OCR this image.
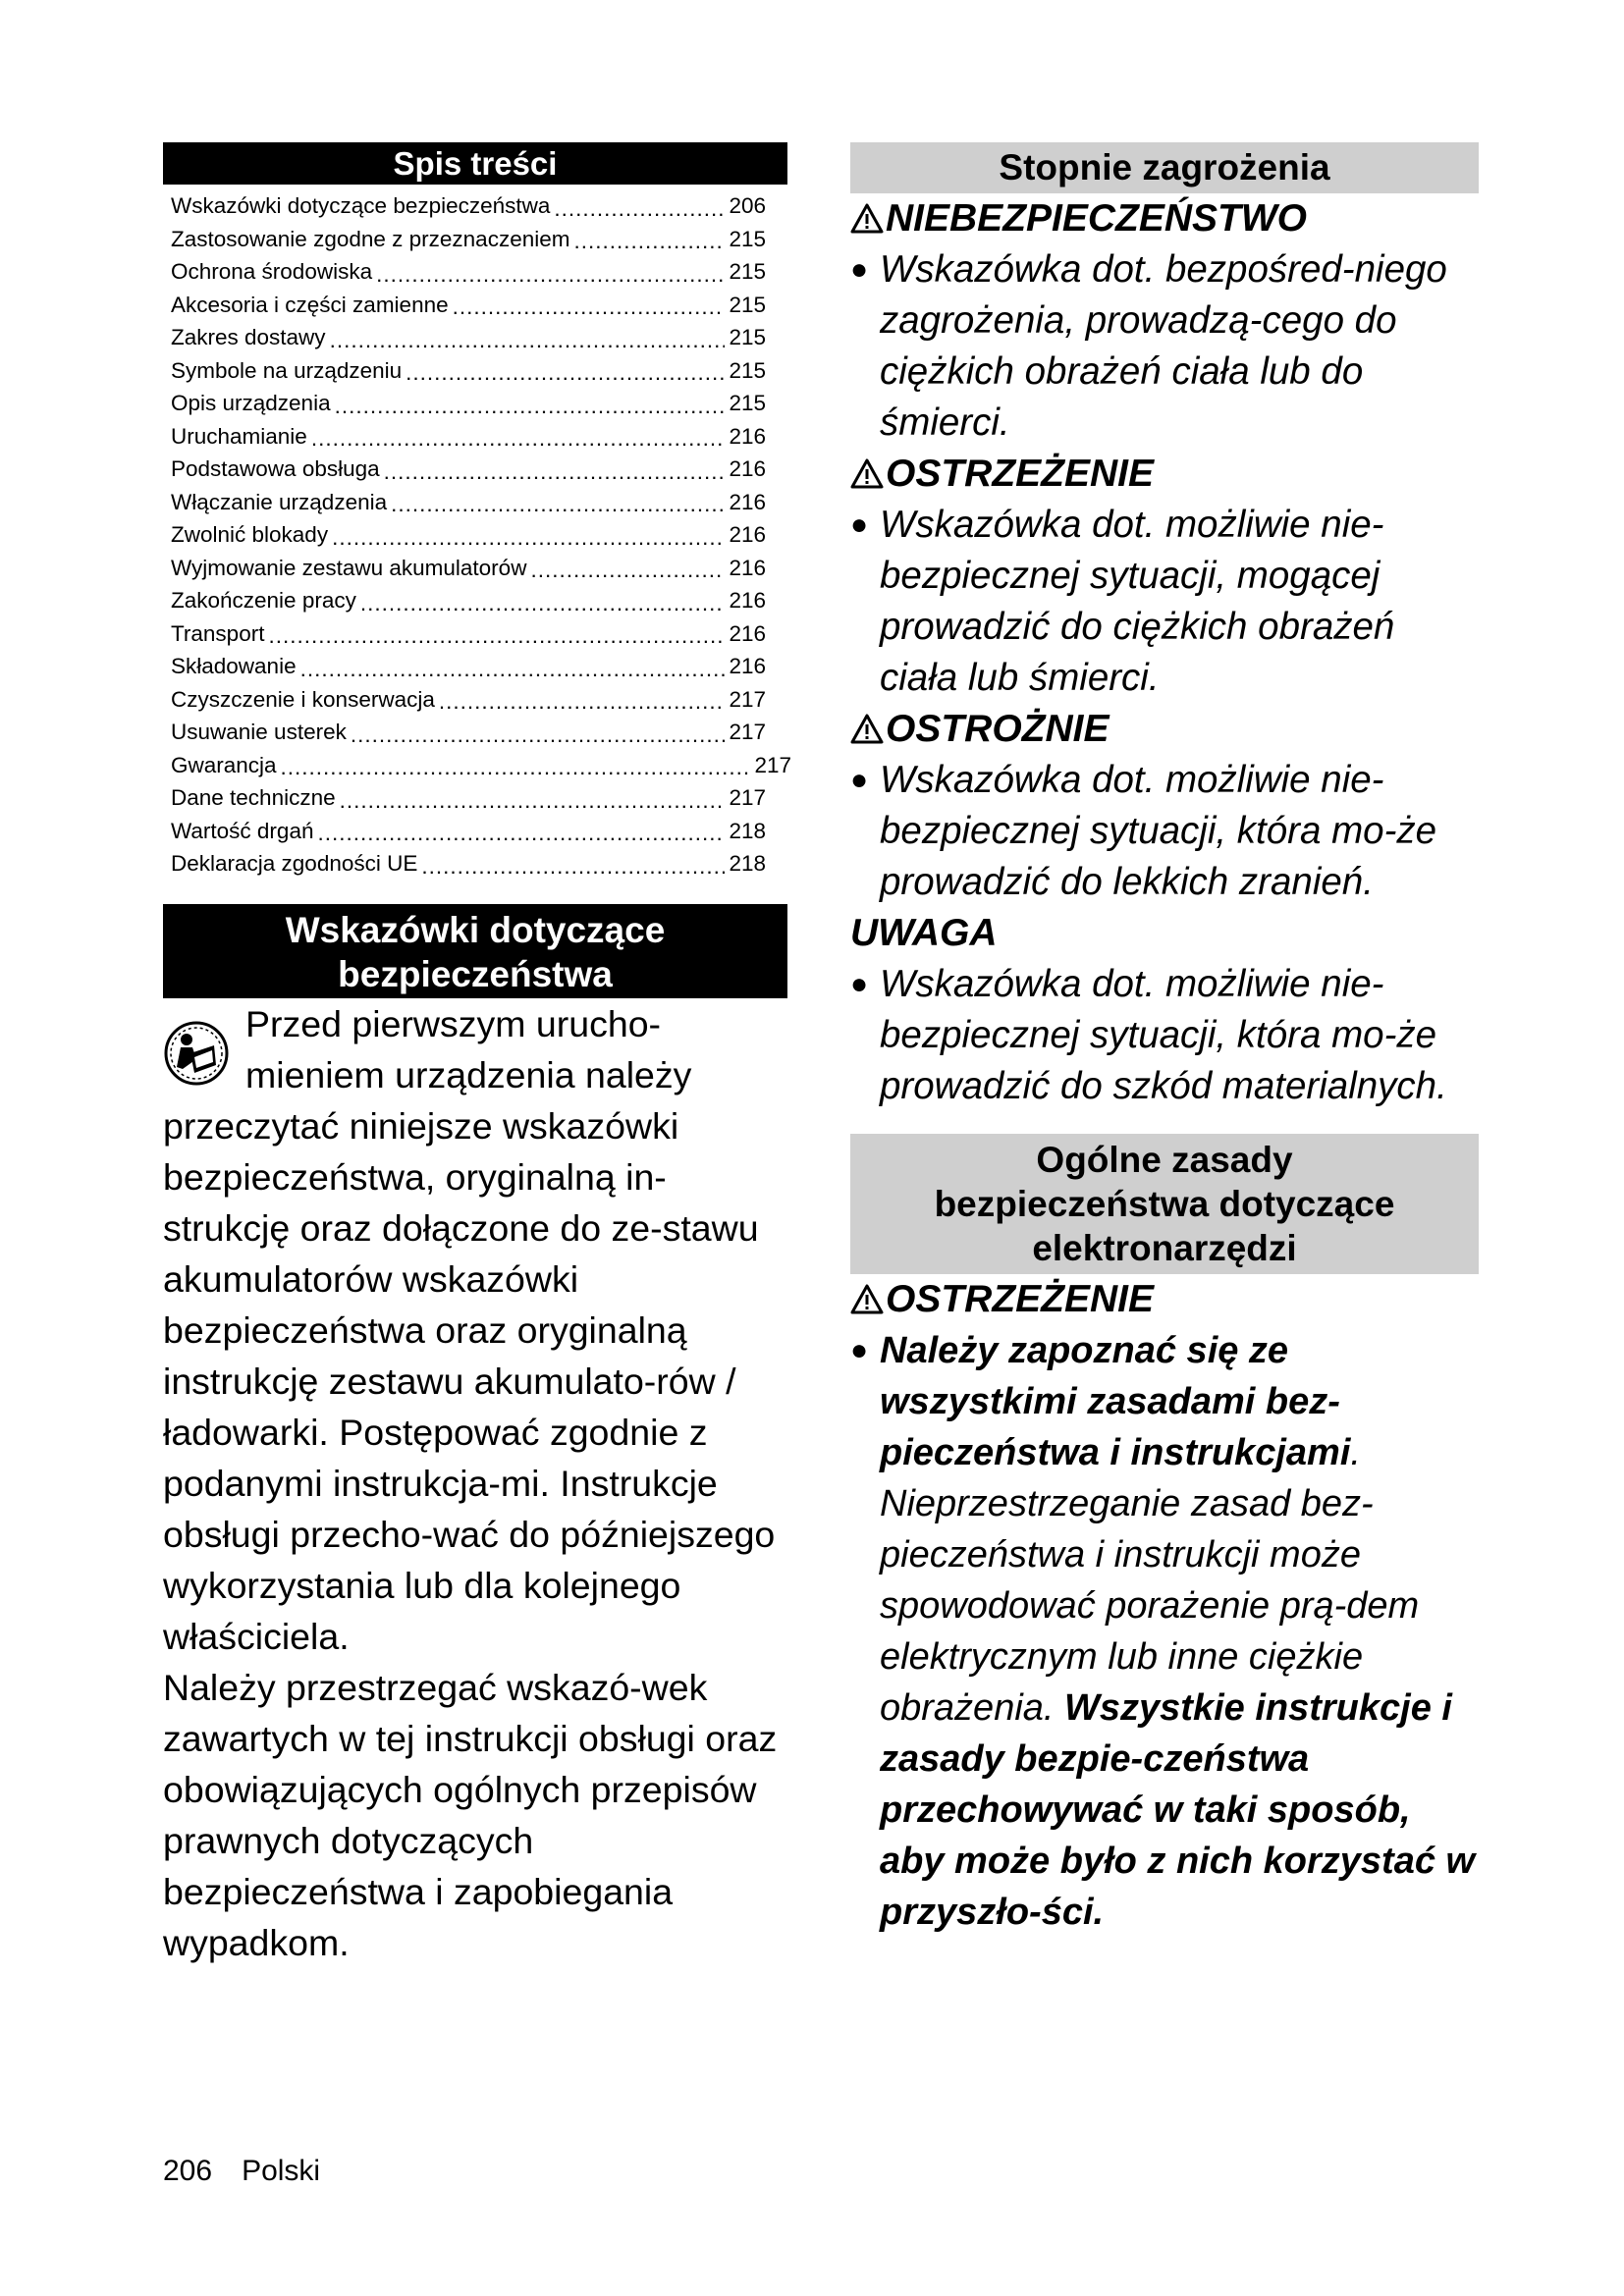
Spis treści
Wskazówki dotyczące bezpieczeństwa .....	206
Zastosowanie zgodne z przeznaczeniem .....	215
Ochrona środowiska .....	215
Akcesoria i części zamienne .....	215
Zakres dostawy .....	215
Symbole na urządzeniu .....	215
Opis urządzenia .....	215
Uruchamianie .....	216
Podstawowa obsługa .....	216
Włączanie urządzenia .....	216
Zwolnić blokady .....	216
Wyjmowanie zestawu akumulatorów .....	216
Zakończenie pracy .....	216
Transport .....	216
Składowanie .....	216
Czyszczenie i konserwacja .....	217
Usuwanie usterek .....	217
Gwarancja .....	217
Dane techniczne .....	217
Wartość drgań .....	218
Deklaracja zgodności UE .....	218
Wskazówki dotyczące
bezpieczeństwa

Przed pierwszym urucho-
mieniem urządzenia należy
przeczytać niniejsze wskazówki bezpieczeństwa, oryginalną in-strukcję oraz dołączone do ze-stawu akumulatorów wskazówki bezpieczeństwa oraz oryginalną instrukcję zestawu akumulato-rów / ładowarki. Postępować zgodnie z podanymi instrukcja-mi. Instrukcje obsługi przecho-wać do późniejszego wykorzystania lub dla kolejnego właściciela.

Należy przestrzegać wskazó-wek zawartych w tej instrukcji obsługi oraz obowiązujących ogólnych przepisów prawnych dotyczących bezpieczeństwa i zapobiegania wypadkom.

Stopnie zagrożenia
NIEBEZPIECZEŃSTWO

● Wskazówka dot. bezpośred-niego zagrożenia, prowadzą-cego do ciężkich obrażeń ciała lub do śmierci.

OSTRZEŻENIE

● Wskazówka dot. możliwie nie-bezpiecznej sytuacji, mogącej prowadzić do ciężkich obrażeń ciała lub śmierci.

OSTROŻNIE

● Wskazówka dot. możliwie nie-bezpiecznej sytuacji, która mo-że prowadzić do lekkich zranień.

UWAGA

● Wskazówka dot. możliwie nie-bezpiecznej sytuacji, która mo-że prowadzić do szkód materialnych.

Ogólne zasady
bezpieczeństwa dotyczące
elektronarzędzi
OSTRZEŻENIE

● Należy zapoznać się ze wszystkimi zasadami bez-pieczeństwa i instrukcjami.
Nieprzestrzeganie zasad bez-pieczeństwa i instrukcji może spowodować porażenie prą-dem elektrycznym lub inne ciężkie obrażenia. Wszystkie instrukcje i zasady bezpie-czeństwa przechowywać w taki sposób, aby może było z nich korzystać w przyszło-ści.

206 Polski
